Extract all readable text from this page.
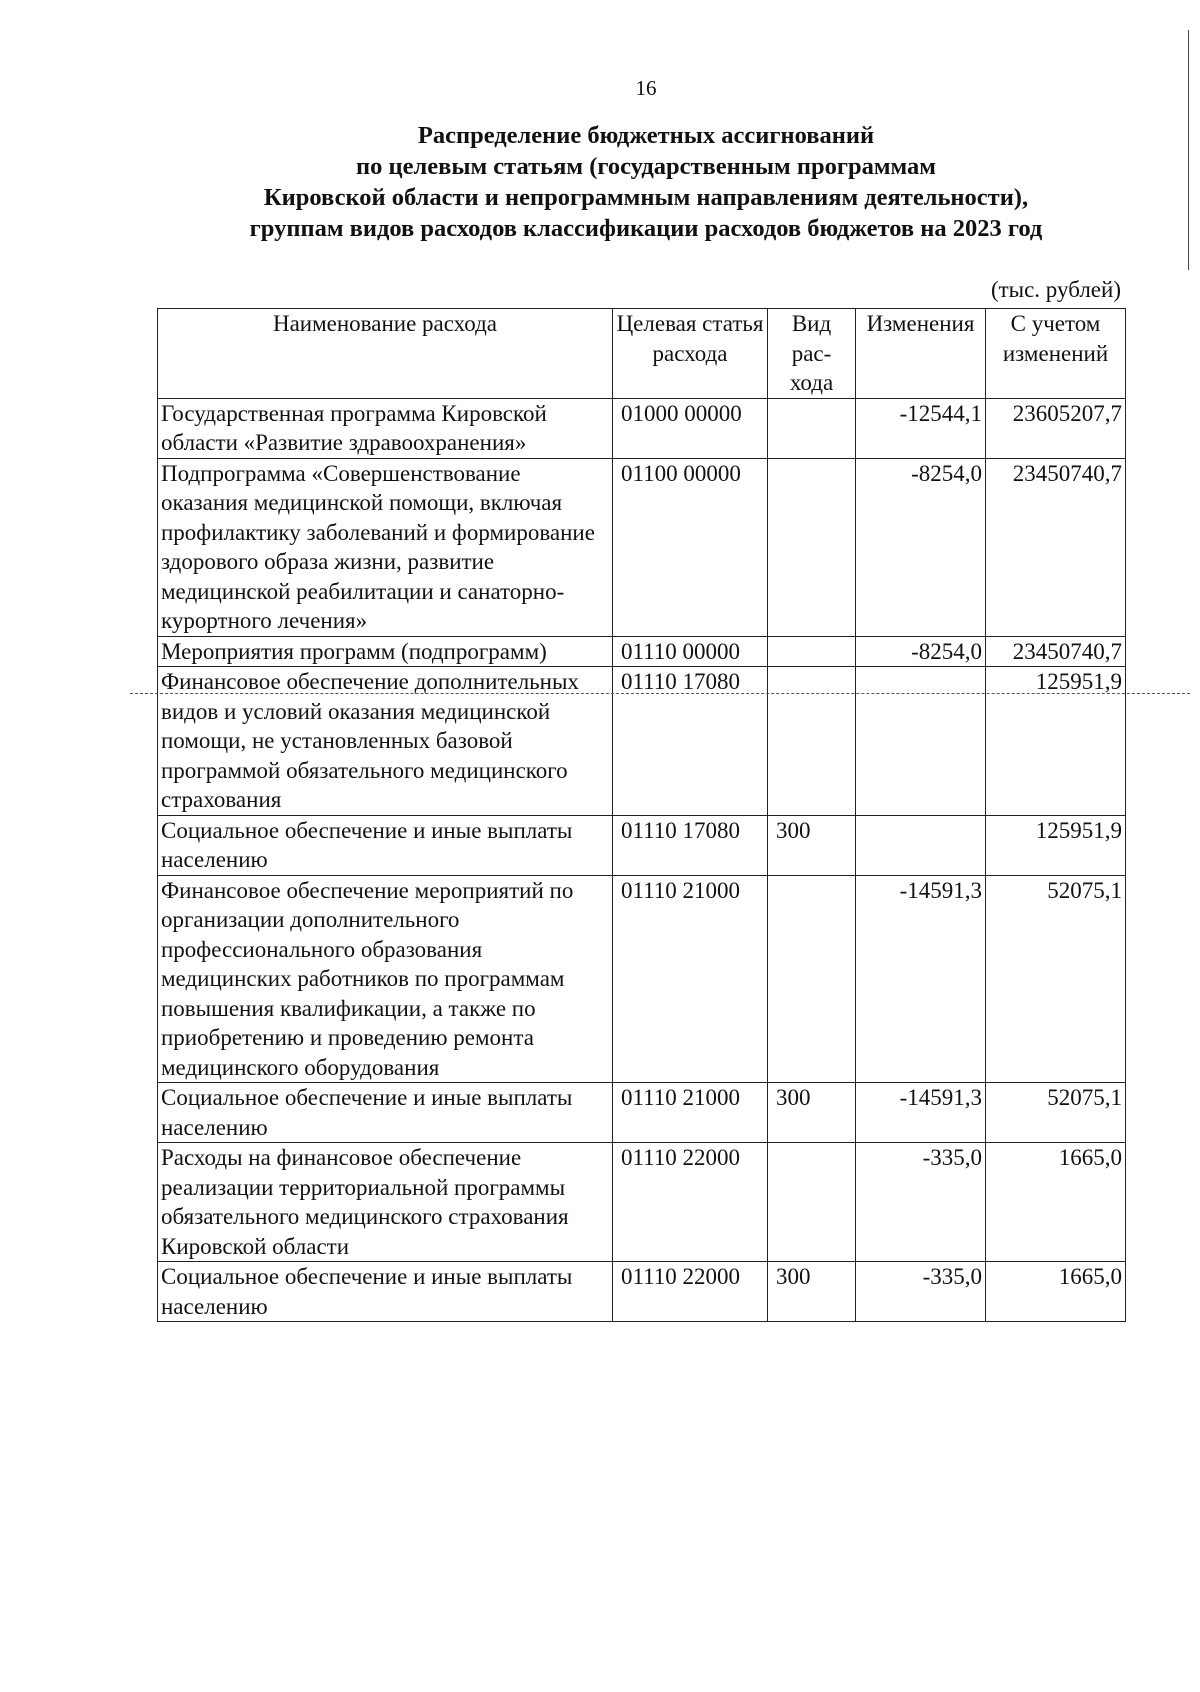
16
Распределение бюджетных ассигнований
по целевым статьям (государственным программам
Кировской области и непрограммным направлениям деятельности),
группам видов расходов классификации расходов бюджетов на 2023 год
(тыс. рублей)
Наименование расхода	Целевая статья расхода	Вид рас-хода	Изменения	С учетом изменений
Государственная программа Кировской области «Развитие здравоохранения»	01000 00000		-12544,1	23605207,7
Подпрограмма «Совершенствование оказания медицинской помощи, включая профилактику заболеваний и формирование здорового образа жизни, развитие медицинской реабилитации и санаторно-курортного лечения»	01100 00000		-8254,0	23450740,7
Мероприятия программ (подпрограмм)	01110 00000		-8254,0	23450740,7
Финансовое обеспечение дополнительных видов и условий оказания медицинской помощи, не установленных базовой программой обязательного медицинского страхования	01110 17080			125951,9
Социальное обеспечение и иные выплаты населению	01110 17080	300		125951,9
Финансовое обеспечение мероприятий по организации дополнительного профессионального образования медицинских работников по программам повышения квалификации, а также по приобретению и проведению ремонта медицинского оборудования	01110 21000		-14591,3	52075,1
Социальное обеспечение и иные выплаты населению	01110 21000	300	-14591,3	52075,1
Расходы на финансовое обеспечение реализации территориальной программы обязательного медицинского страхования Кировской области	01110 22000		-335,0	1665,0
Социальное обеспечение и иные выплаты населению	01110 22000	300	-335,0	1665,0
